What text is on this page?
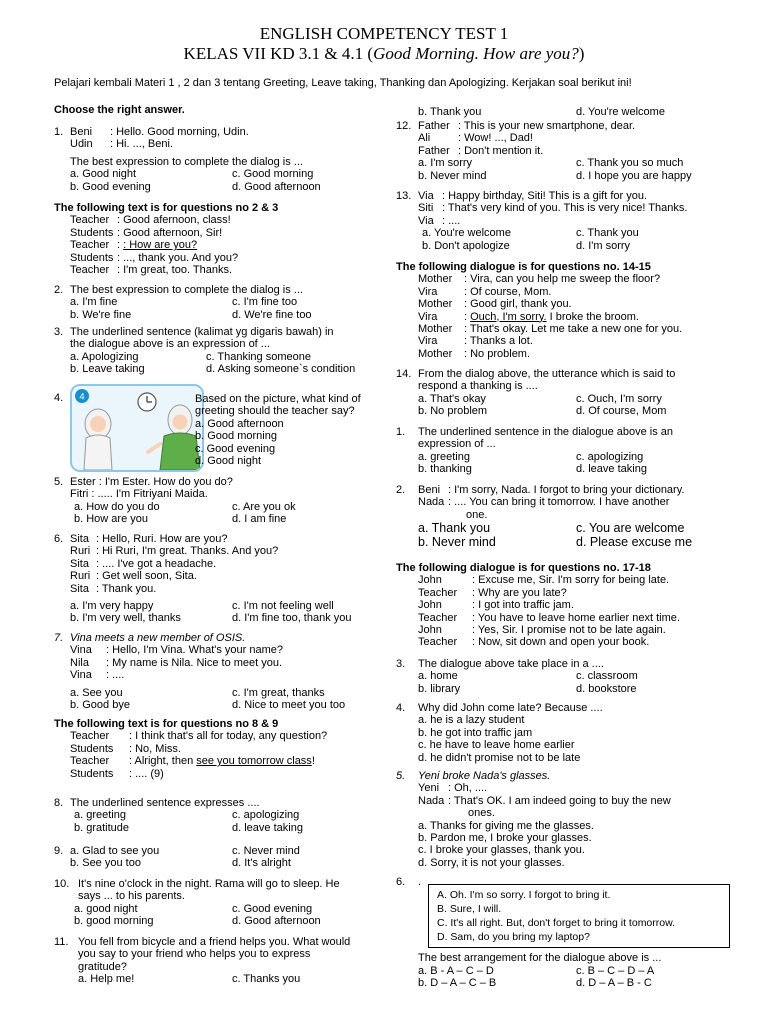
ENGLISH COMPETENCY TEST 1
KELAS VII KD 3.1 & 4.1 (Good Morning. How are you?)
Pelajari kembali Materi 1 , 2 dan 3 tentang Greeting, Leave taking, Thanking dan Apologizing. Kerjakan soal berikut ini!
Choose the right answer.
1. Beni : Hello. Good morning, Udin.
Udin : Hi. ..., Beni.
The best expression to complete the dialog is ...
a. Good night	c. Good morning
b. Good evening	d. Good afternoon
The following text is for questions no 2 & 3
Teacher : Good afernoon, class!
Students : Good afternoon, Sir!
Teacher : : How are you?
Students : ..., thank you. And you?
Teacher : I'm great, too. Thanks.
2. The best expression to complete the dialog is ...
a. I'm fine	c. I'm fine too
b. We're fine	d. We're fine too
3. The underlined sentence (kalimat yg digaris bawah) in
the dialogue above is an expression of ...
a. Apologizing	c. Thanking someone
b. Leave taking	d. Asking someone`s condition
4. 4	Based on the picture, what kind of
greeting should the teacher say?
a. Good afternoon
b. Good morning
c. Good evening
d. Good night
5. Ester : I'm Ester. How do you do?
Fitri : ..... I'm Fitriyani Maida.
a. How do you do	c. Are you ok
b. How are you	d. I am fine
6. Sita : Hello, Ruri. How are you?
Ruri : Hi Ruri, I'm great. Thanks. And you?
Sita : .... I've got a headache.
Ruri : Get well soon, Sita.
Sita : Thank you.
a. I'm very happy	c. I'm not feeling well
b. I'm very well, thanks	d. I'm fine too, thank you
7. Vina meets a new member of OSIS.
Vina : Hello, I'm Vina. What's your name?
Nila : My name is Nila. Nice to meet you.
Vina : ....
a. See you	c. I'm great, thanks
b. Good bye	d. Nice to meet you too
The following text is for questions no 8 & 9
Teacher : I think that's all for today, any question?
Students : No, Miss.
Teacher : Alright, then see you tomorrow class!
Students : .... (9)
8. The underlined sentence expresses ....
a. greeting	c. apologizing
b. gratitude	d. leave taking
9. a. Glad to see you	c. Never mind
b. See you too	d. It's alright
10. It's nine o'clock in the night. Rama will go to sleep. He
says ... to his parents.
a. good night	c. Good evening
b. good morning	d. Good afternoon
11. You fell from bicycle and a friend helps you. What would
you say to your friend who helps you to express
gratitude?
a. Help me!	c. Thanks you
b. Thank you	d. You're welcome
12. Father : This is your new smartphone, dear.
Ali	: Wow! ..., Dad!
Father : Don't mention it.
a. I'm sorry	c. Thank you so much
b. Never mind	d. I hope you are happy
13. Via : Happy birthday, Siti! This is a gift for you.
Siti : That's very kind of you. This is very nice! Thanks.
Via : ....
a. You're welcome	c. Thank you
b. Don't apologize	d. I'm sorry
The following dialogue is for questions no. 14-15
Mother : Vira, can you help me sweep the floor?
Vira : Of course, Mom.
Mother : Good girl, thank you.
Vira : Ouch, I'm sorry. I broke the broom.
Mother : That's okay. Let me take a new one for you.
Vira : Thanks a lot.
Mother : No problem.
14. From the dialog above, the utterance which is said to
respond a thanking is ....
a. That's okay	c. Ouch, I'm sorry
b. No problem	d. Of course, Mom
1. The underlined sentence in the dialogue above is an
expression of ...
a. greeting	c. apologizing
b. thanking	d. leave taking
2. Beni : I'm sorry, Nada. I forgot to bring your dictionary.
Nada : .... You can bring it tomorrow. I have another
one.
a. Thank you	c. You are welcome
b. Never mind	d. Please excuse me
The following dialogue is for questions no. 17-18
John	: Excuse me, Sir. I'm sorry for being late.
Teacher : Why are you late?
John	: I got into traffic jam.
Teacher : You have to leave home earlier next time.
John	: Yes, Sir. I promise not to be late again.
Teacher : Now, sit down and open your book.
3. The dialogue above take place in a ....
a. home	c. classroom
b. library	d. bookstore
4. Why did John come late? Because ....
a. he is a lazy student
b. he got into traffic jam
c. he have to leave home earlier
d. he didn't promise not to be late
5. Yeni broke Nada's glasses.
Yeni : Oh, ....
Nada : That's OK. I am indeed going to buy the new
ones.
a. Thanks for giving me the glasses.
b. Pardon me, I broke your glasses.
c. I broke your glasses, thank you.
d. Sorry, it is not your glasses.
6. .
A. Oh. I'm so sorry. I forgot to bring it.
B. Sure, I will.
C. It's all right. But, don't forget to bring it tomorrow.
D. Sam, do you bring my laptop?
The best arrangement for the dialogue above is ...
a. B - A – C – D	c. B – C – D – A
b. D – A – C – B	d. D – A – B - C
